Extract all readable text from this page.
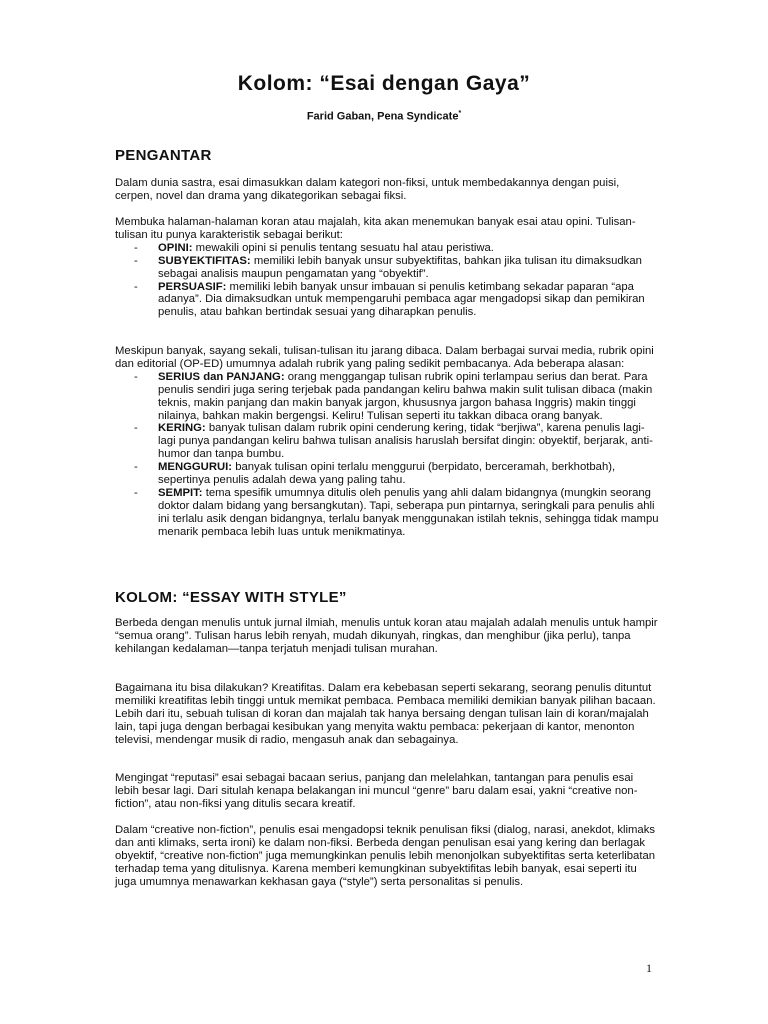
Kolom: “Esai dengan Gaya”

Farid Gaban, Pena Syndicate*

PENGANTAR

Dalam dunia sastra, esai dimasukkan dalam kategori non-fiksi, untuk membedakannya dengan puisi, cerpen, novel dan drama yang dikategorikan sebagai fiksi.

Membuka halaman-halaman koran atau majalah, kita akan menemukan banyak esai atau opini. Tulisan-tulisan itu punya karakteristik sebagai berikut:

- OPINI: mewakili opini si penulis tentang sesuatu hal atau peristiwa.
- SUBYEKTIFITAS: memiliki lebih banyak unsur subyektifitas, bahkan jika tulisan itu dimaksudkan sebagai analisis maupun pengamatan yang “obyektif”.
- PERSUASIF: memiliki lebih banyak unsur imbauan si penulis ketimbang sekadar paparan “apa adanya”. Dia dimaksudkan untuk mempengaruhi pembaca agar mengadopsi sikap dan pemikiran penulis, atau bahkan bertindak sesuai yang diharapkan penulis.

Meskipun banyak, sayang sekali, tulisan-tulisan itu jarang dibaca. Dalam berbagai survai media, rubrik opini dan editorial (OP-ED) umumnya adalah rubrik yang paling sedikit pembacanya. Ada beberapa alasan:

- SERIUS dan PANJANG: orang menggangap tulisan rubrik opini terlampau serius dan berat. Para penulis sendiri juga sering terjebak pada pandangan keliru bahwa makin sulit tulisan dibaca (makin teknis, makin panjang dan makin banyak jargon, khususnya jargon bahasa Inggris) makin tinggi nilainya, bahkan makin bergengsi. Keliru! Tulisan seperti itu takkan dibaca orang banyak.
- KERING: banyak tulisan dalam rubrik opini cenderung kering, tidak “berjiwa”, karena penulis lagi-lagi punya pandangan keliru bahwa tulisan analisis haruslah bersifat dingin: obyektif, berjarak, anti-humor dan tanpa bumbu.
- MENGGURUI: banyak tulisan opini terlalu menggurui (berpidato, berceramah, berkhotbah), sepertinya penulis adalah dewa yang paling tahu.
- SEMPIT: tema spesifik umumnya ditulis oleh penulis yang ahli dalam bidangnya (mungkin seorang doktor dalam bidang yang bersangkutan). Tapi, seberapa pun pintarnya, seringkali para penulis ahli ini terlalu asik dengan bidangnya, terlalu banyak menggunakan istilah teknis, sehingga tidak mampu menarik pembaca lebih luas untuk menikmatinya.
KOLOM: “ESSAY WITH STYLE”

Berbeda dengan menulis untuk jurnal ilmiah, menulis untuk koran atau majalah adalah menulis untuk hampir “semua orang”. Tulisan harus lebih renyah, mudah dikunyah, ringkas, dan menghibur (jika perlu), tanpa kehilangan kedalaman—tanpa terjatuh menjadi tulisan murahan.

Bagaimana itu bisa dilakukan? Kreatifitas. Dalam era kebebasan seperti sekarang, seorang penulis dituntut memiliki kreatifitas lebih tinggi untuk memikat pembaca. Pembaca memiliki demikian banyak pilihan bacaan. Lebih dari itu, sebuah tulisan di koran dan majalah tak hanya bersaing dengan tulisan lain di koran/majalah lain, tapi juga dengan berbagai kesibukan yang menyita waktu pembaca: pekerjaan di kantor, menonton televisi, mendengar musik di radio, mengasuh anak dan sebagainya.

Mengingat “reputasi” esai sebagai bacaan serius, panjang dan melelahkan, tantangan para penulis esai lebih besar lagi. Dari situlah kenapa belakangan ini muncul “genre” baru dalam esai, yakni “creative non-fiction”, atau non-fiksi yang ditulis secara kreatif.

Dalam “creative non-fiction”, penulis esai mengadopsi teknik penulisan fiksi (dialog, narasi, anekdot, klimaks dan anti klimaks, serta ironi) ke dalam non-fiksi. Berbeda dengan penulisan esai yang kering dan berlagak obyektif, “creative non-fiction” juga memungkinkan penulis lebih menonjolkan subyektifitas serta keterlibatan terhadap tema yang ditulisnya. Karena memberi kemungkinan subyektifitas lebih banyak, esai seperti itu juga umumnya menawarkan kekhasan gaya (“style”) serta personalitas si penulis.

1
